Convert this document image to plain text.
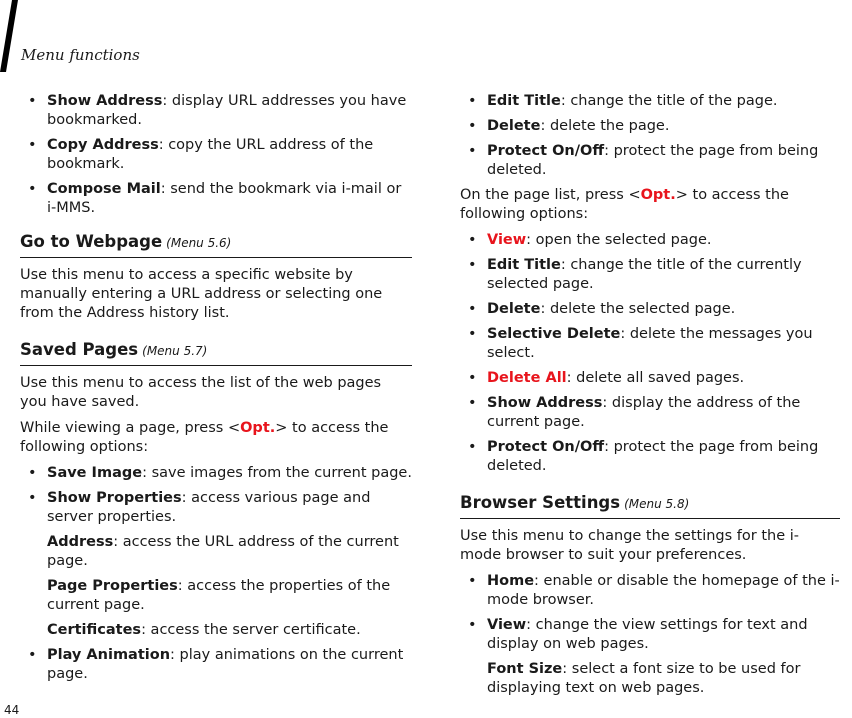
Menu functions
• Show Address: display URL addresses you have bookmarked.
• Copy Address: copy the URL address of the bookmark.
• Compose Mail: send the bookmark via i-mail or i-MMS.
Go to Webpage (Menu 5.6)

Use this menu to access a specific website by manually entering a URL address or selecting one from the Address history list.

Saved Pages (Menu 5.7)

Use this menu to access the list of the web pages you have saved.

While viewing a page, press <Opt.> to access the following options:

• Save Image: save images from the current page.
• Show Properties: access various page and server properties.
Address: access the URL address of the current page.
Page Properties: access the properties of the current page.
Certificates: access the server certificate.
• Play Animation: play animations on the current page.
• Edit Title: change the title of the page.
• Delete: delete the page.
• Protect On/Off: protect the page from being deleted.

On the page list, press <Opt.> to access the following options:

• View: open the selected page.
• Edit Title: change the title of the currently selected page.
• Delete: delete the selected page.
• Selective Delete: delete the messages you select.
• Delete All: delete all saved pages.
• Show Address: display the address of the current page.
• Protect On/Off: protect the page from being deleted.
Browser Settings (Menu 5.8)

Use this menu to change the settings for the i-mode browser to suit your preferences.

• Home: enable or disable the homepage of the i-mode browser.
• View: change the view settings for text and display on web pages.
Font Size: select a font size to be used for displaying text on web pages.
44
